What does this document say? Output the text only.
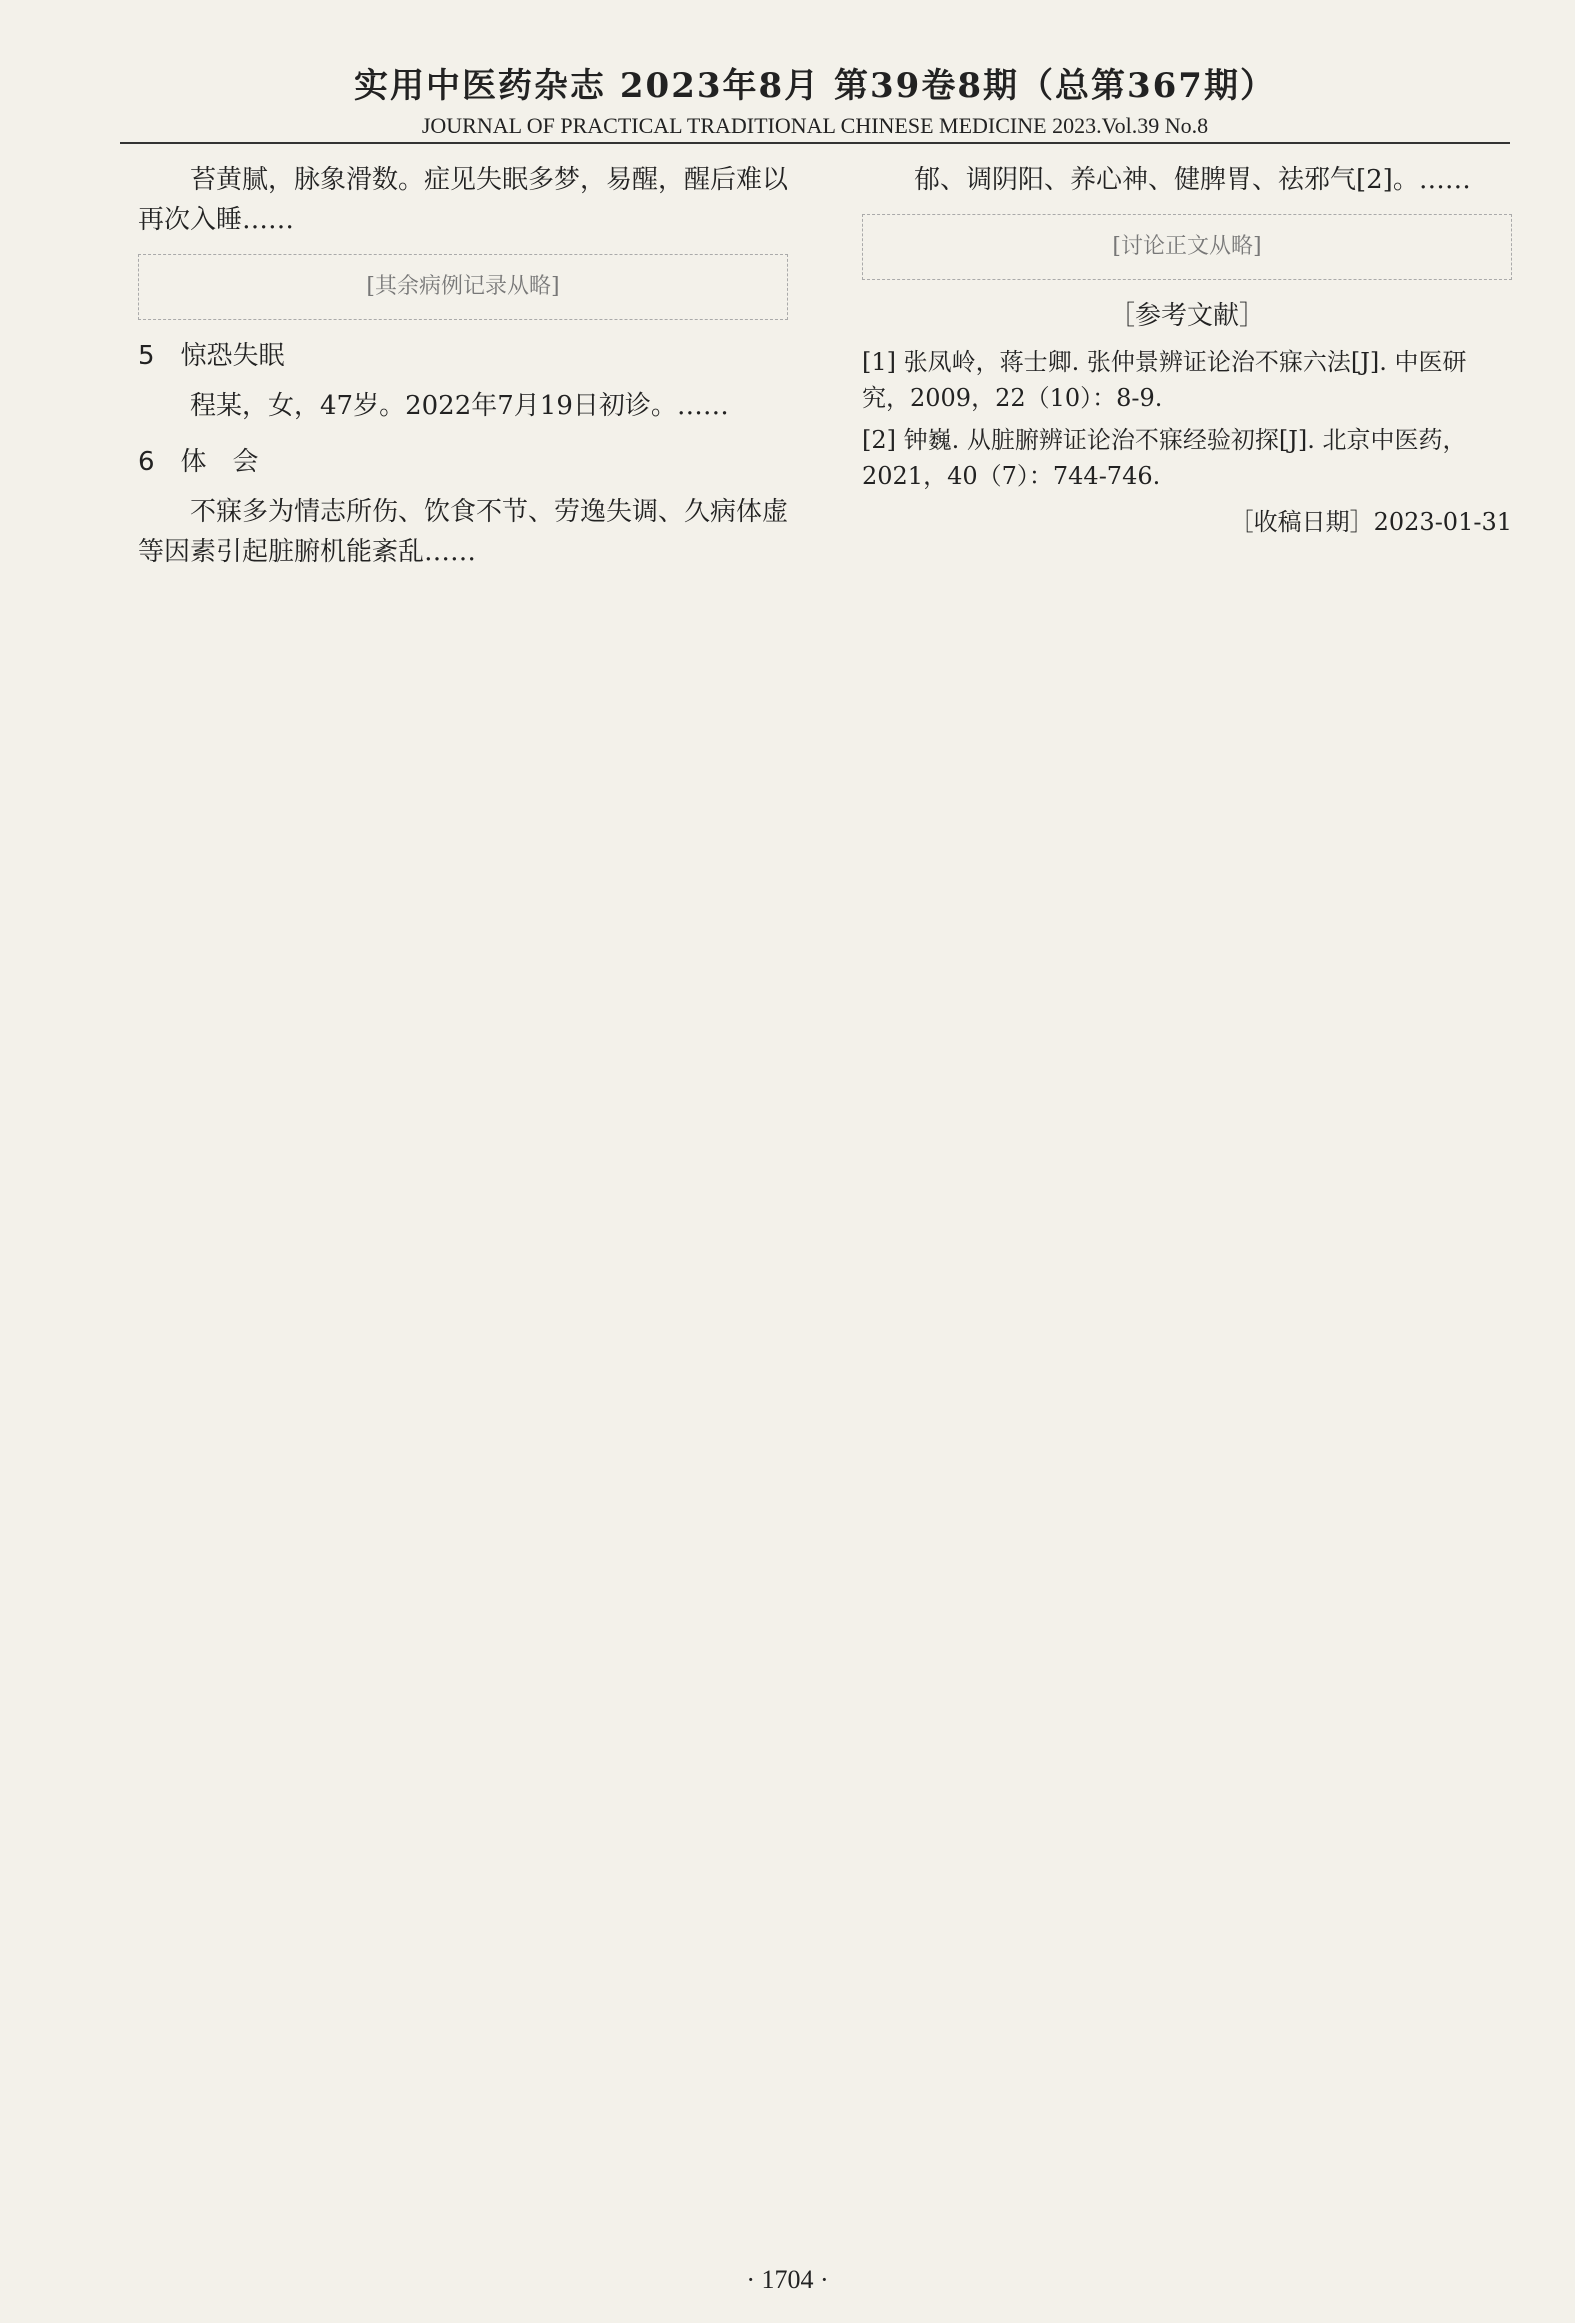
实用中医药杂志 2023年8月 第39卷8期（总第367期）
JOURNAL OF PRACTICAL TRADITIONAL CHINESE MEDICINE 2023.Vol.39 No.8

苔黄腻，脉象滑数。症见失眠多梦，易醒，醒后难以再次入睡……

[其余病例记录从略]
5　惊恐失眠

程某，女，47岁。2022年7月19日初诊。……

6　体　会

不寐多为情志所伤、饮食不节、劳逸失调、久病体虚等因素引起脏腑机能紊乱……

郁、调阴阳、养心神、健脾胃、祛邪气[2]。……

[讨论正文从略]
［参考文献］
[1] 张凤岭，蒋士卿. 张仲景辨证论治不寐六法[J]. 中医研究，2009，22（10）：8-9.
[2] 钟巍. 从脏腑辨证论治不寐经验初探[J]. 北京中医药，2021，40（7）：744-746.
［收稿日期］2023-01-31
· 1704 ·
